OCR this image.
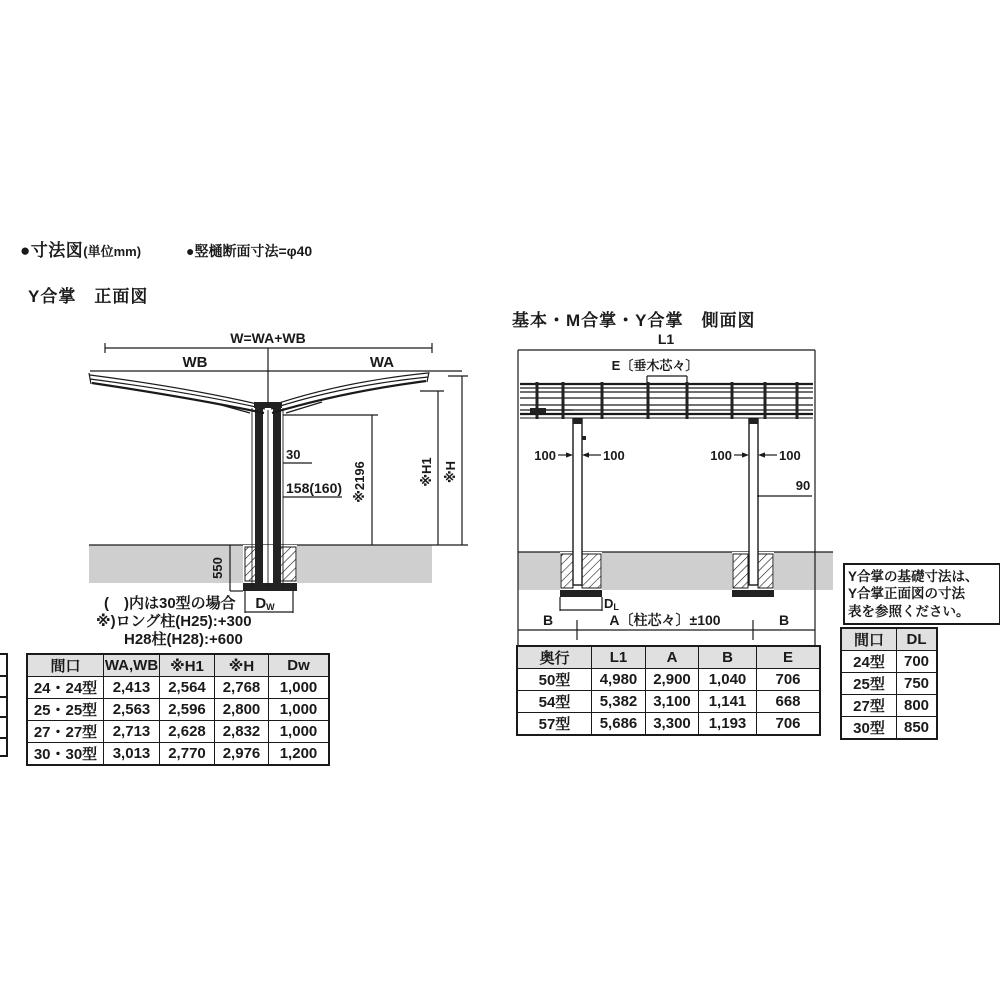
●寸法図(単位mm)	●竪樋断面寸法=φ40
Y合掌　正面図
基本・M合掌・Y合掌　側面図
550
DW
W=WA+WB
WB	WA
30
158(160) ※2196	※H1 ※H
(　)内は30型の場合
※)ロング柱(H25):+300
H28柱(H28):+600
L1
E〔垂木芯々〕
100	100	100	100
90
DL
B	A〔柱芯々〕±100	B
Y合掌の基礎寸法は、
Y合掌正面図の寸法
表を参照ください。
間口	WA,WB	※H1	※H	Dw
24・24型	2,413	2,564	2,768	1,000
25・25型	2,563	2,596	2,800	1,000
27・27型	2,713	2,628	2,832	1,000
30・30型	3,013	2,770	2,976	1,200
奥行	L1	A	B	E
50型	4,980	2,900	1,040	706
54型	5,382	3,100	1,141	668
57型	5,686	3,300	1,193	706
間口	DL
24型	700
25型	750
27型	800
30型	850
